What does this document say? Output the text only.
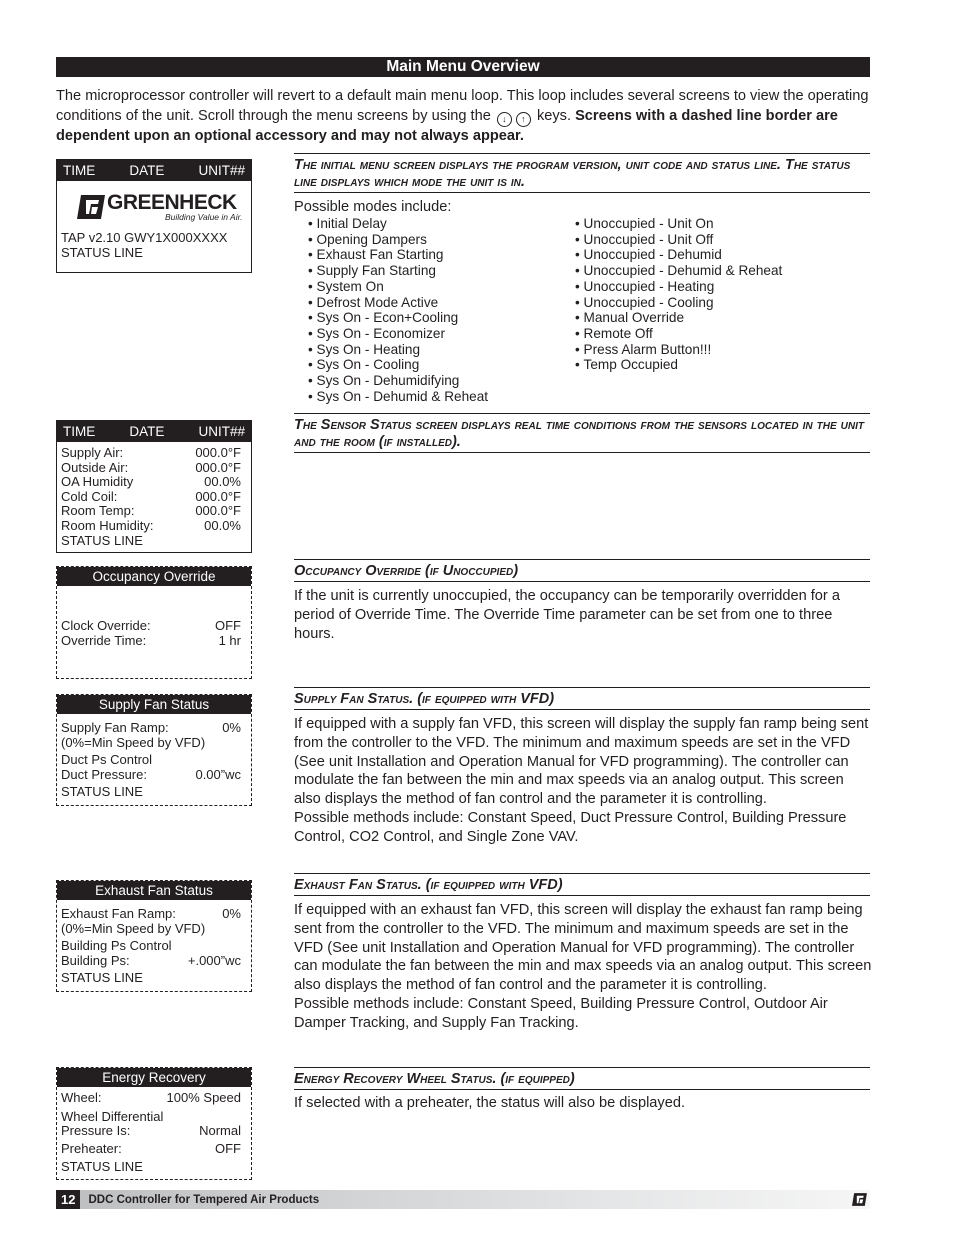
Main Menu Overview
The microprocessor controller will revert to a default main menu loop. This loop includes several screens to view the operating conditions of the unit. Scroll through the menu screens by using the ↓ ↑ keys. Screens with a dashed line border are dependent upon an optional accessory and may not always appear.
TIME	DATE	UNIT##
GREENHECK
Building Value in Air.
TAP v2.10 GWY1X000XXXX
STATUS LINE
The initial menu screen displays the program version, unit code and status line. The status line displays which mode the unit is in.
Possible modes include:
• Initial Delay
• Opening Dampers
• Exhaust Fan Starting
• Supply Fan Starting
• System On
• Defrost Mode Active
• Sys On - Econ+Cooling
• Sys On - Economizer
• Sys On - Heating
• Sys On - Cooling
• Sys On - Dehumidifying
• Sys On - Dehumid & Reheat
• Unoccupied - Unit On
• Unoccupied - Unit Off
• Unoccupied - Dehumid
• Unoccupied - Dehumid & Reheat
• Unoccupied - Heating
• Unoccupied - Cooling
• Manual Override
• Remote Off
• Press Alarm Button!!!
• Temp Occupied
TIME	DATE	UNIT##
Supply Air:	000.0°F
Outside Air:	000.0°F
OA Humidity	00.0%
Cold Coil:	000.0°F
Room Temp:	000.0°F
Room Humidity:	00.0%
STATUS LINE
The Sensor Status screen displays real time conditions from the sensors located in the unit and the room (if installed).
Occupancy Override
Clock Override:	OFF
Override Time:	1 hr
Occupancy Override (if Unoccupied)
If the unit is currently unoccupied, the occupancy can be temporarily overridden for a period of Override Time. The Override Time parameter can be set from one to three hours.
Supply Fan Status
Supply Fan Ramp:	0%
(0%=Min Speed by VFD)
Duct Ps Control
Duct Pressure:	0.00”wc
STATUS LINE
Supply Fan Status. (if equipped with VFD)
If equipped with a supply fan VFD, this screen will display the supply fan ramp being sent from the controller to the VFD. The minimum and maximum speeds are set in the VFD (See unit Installation and Operation Manual for VFD programming). The controller can modulate the fan between the min and max speeds via an analog output. This screen also displays the method of fan control and the parameter it is controlling.
Possible methods include: Constant Speed, Duct Pressure Control, Building Pressure Control, CO2 Control, and Single Zone VAV.
Exhaust Fan Status
Exhaust Fan Ramp:	0%
(0%=Min Speed by VFD)
Building Ps Control
Building Ps:	+.000”wc
STATUS LINE
Exhaust Fan Status. (if equipped with VFD)
If equipped with an exhaust fan VFD, this screen will display the exhaust fan ramp being sent from the controller to the VFD. The minimum and maximum speeds are set in the VFD (See unit Installation and Operation Manual for VFD programming). The controller can modulate the fan between the min and max speeds via an analog output. This screen also displays the method of fan control and the parameter it is controlling.
Possible methods include: Constant Speed, Building Pressure Control, Outdoor Air Damper Tracking, and Supply Fan Tracking.
Energy Recovery
Wheel:	100% Speed
Wheel Differential
Pressure Is:	Normal
Preheater:	OFF
STATUS LINE
Energy Recovery Wheel Status. (if equipped)
If selected with a preheater, the status will also be displayed.
12	DDC Controller for Tempered Air Products
